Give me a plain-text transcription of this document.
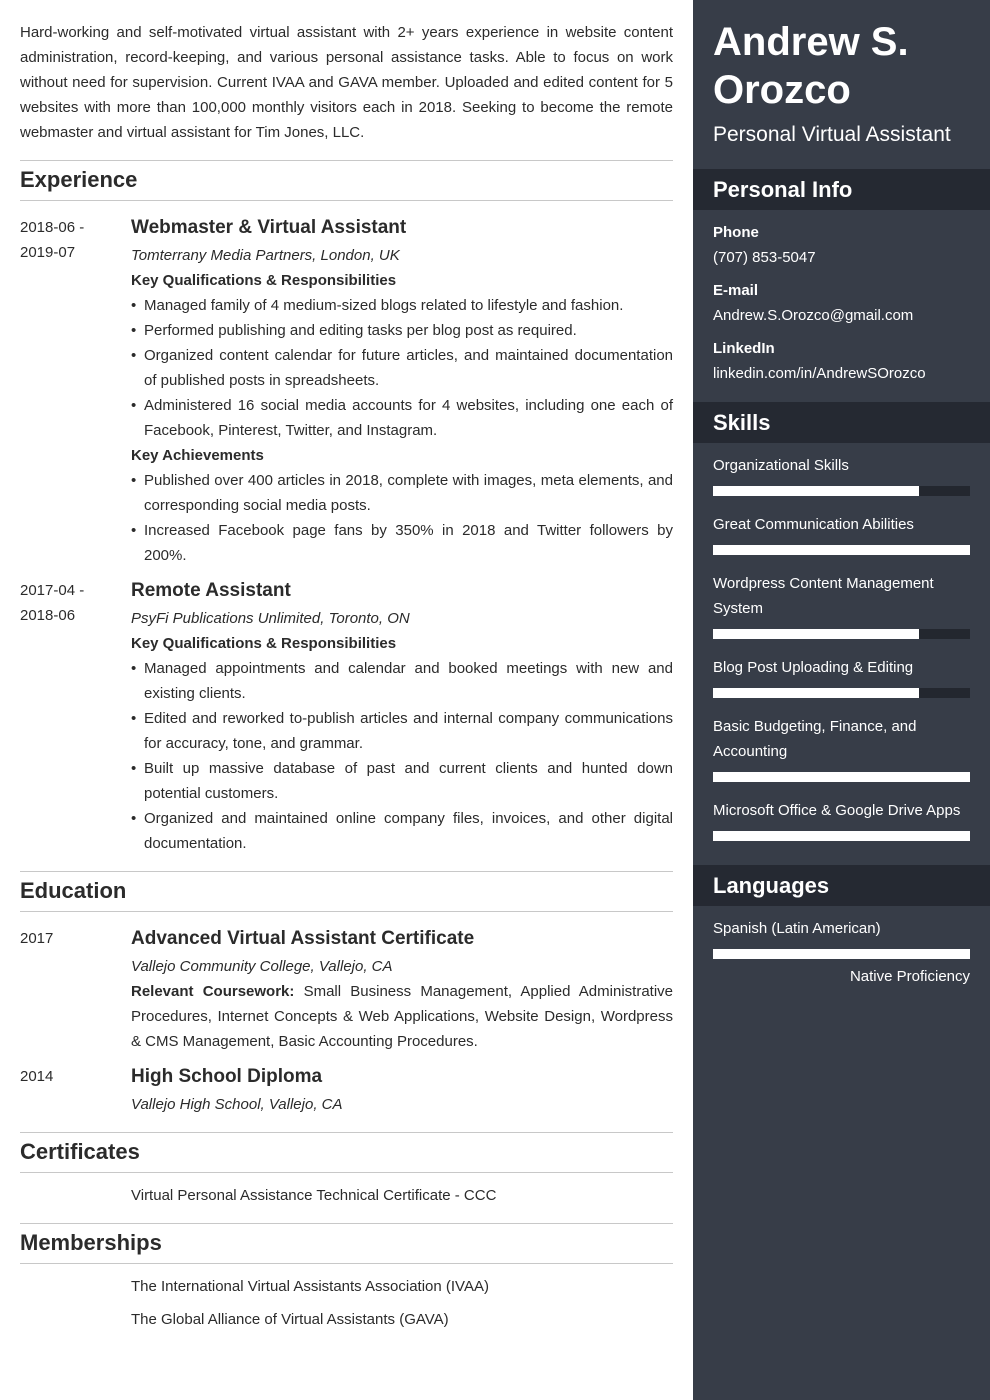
Hard-working and self-motivated virtual assistant with 2+ years experience in website content administration, record-keeping, and various personal assistance tasks. Able to focus on work without need for supervision. Current IVAA and GAVA member. Uploaded and edited content for 5 websites with more than 100,000 monthly visitors each in 2018. Seeking to become the remote webmaster and virtual assistant for Tim Jones, LLC.

Experience
2018-06 -
2019-07
Webmaster & Virtual Assistant
Tomterrany Media Partners, London, UK
Key Qualifications & Responsibilities
• Managed family of 4 medium-sized blogs related to lifestyle and fashion.
• Performed publishing and editing tasks per blog post as required.
• Organized content calendar for future articles, and maintained documentation of published posts in spreadsheets.
• Administered 16 social media accounts for 4 websites, including one each of Facebook, Pinterest, Twitter, and Instagram.
Key Achievements
• Published over 400 articles in 2018, complete with images, meta elements, and corresponding social media posts.
• Increased Facebook page fans by 350% in 2018 and Twitter followers by 200%.
2017-04 -
2018-06
Remote Assistant
PsyFi Publications Unlimited, Toronto, ON
Key Qualifications & Responsibilities
• Managed appointments and calendar and booked meetings with new and existing clients.
• Edited and reworked to-publish articles and internal company communications for accuracy, tone, and grammar.
• Built up massive database of past and current clients and hunted down potential customers.
• Organized and maintained online company files, invoices, and other digital documentation.
Education
2017	Advanced Virtual Assistant Certificate
Vallejo Community College, Vallejo, CA
Relevant Coursework: Small Business Management, Applied Administrative Procedures, Internet Concepts & Web Applications, Website Design, Wordpress & CMS Management, Basic Accounting Procedures.
2014	High School Diploma
Vallejo High School, Vallejo, CA
Certificates
Virtual Personal Assistance Technical Certificate - CCC
Memberships
The International Virtual Assistants Association (IVAA)
The Global Alliance of Virtual Assistants (GAVA)
Andrew S.
Orozco
Personal Virtual Assistant
Personal Info
Phone
(707) 853-5047
E-mail
Andrew.S.Orozco@gmail.com
LinkedIn
linkedin.com/in/AndrewSOrozco
Skills
Organizational Skills
Great Communication Abilities
Wordpress Content Management System
Blog Post Uploading & Editing
Basic Budgeting, Finance, and Accounting
Microsoft Office & Google Drive Apps
Languages
Spanish (Latin American)
Native Proficiency
